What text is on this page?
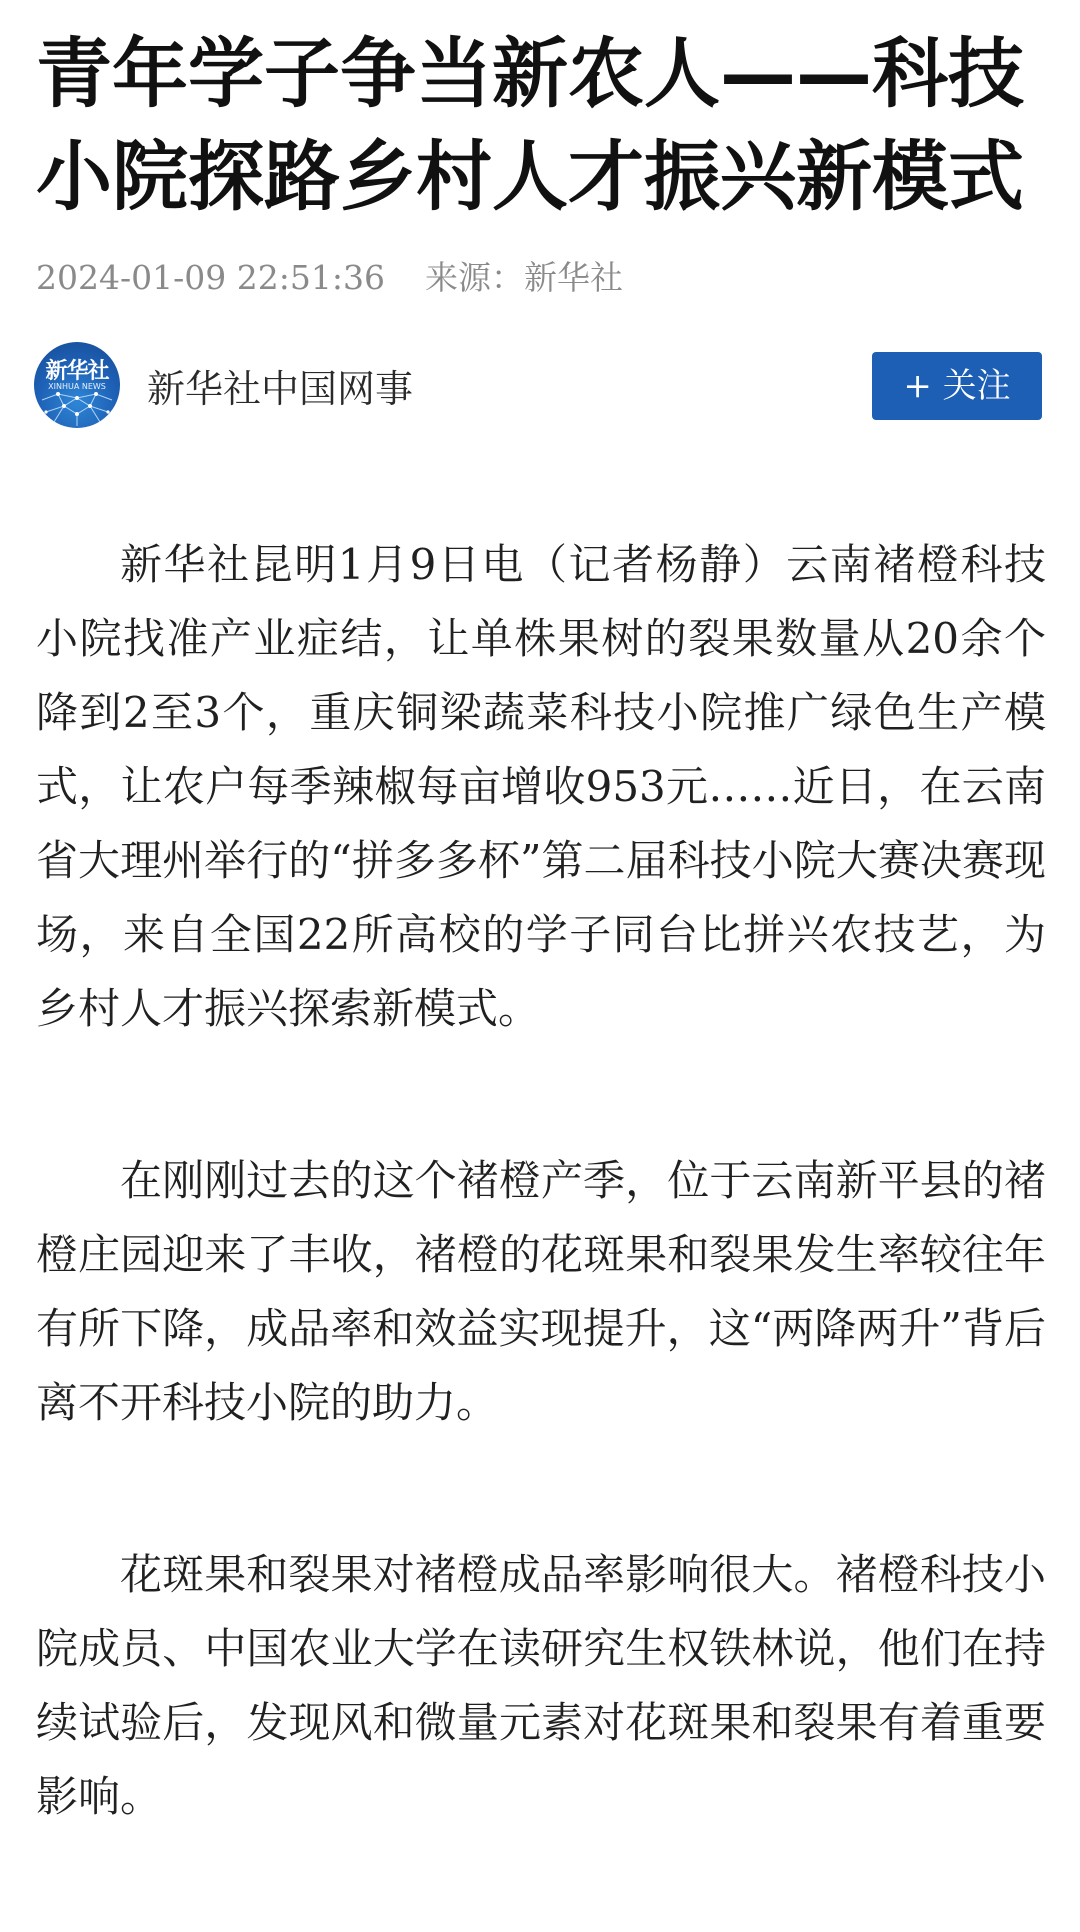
青年学子争当新农人——科技小院探路乡村人才振兴新模式
2024-01-09 22:51:36 来源：新华社
新华社
XINHUA NEWS	新华社中国网事	+ 关注

新华社昆明1月9日电（记者杨静）云南褚橙科技小院找准产业症结，让单株果树的裂果数量从20余个降到2至3个，重庆铜梁蔬菜科技小院推广绿色生产模式，让农户每季辣椒每亩增收953元……近日，在云南省大理州举行的“拼多多杯”第二届科技小院大赛决赛现场，来自全国22所高校的学子同台比拼兴农技艺，为乡村人才振兴探索新模式。

在刚刚过去的这个褚橙产季，位于云南新平县的褚橙庄园迎来了丰收，褚橙的花斑果和裂果发生率较往年有所下降，成品率和效益实现提升，这“两降两升”背后离不开科技小院的助力。

花斑果和裂果对褚橙成品率影响很大。褚橙科技小院成员、中国农业大学在读研究生权铁林说，他们在持续试验后，发现风和微量元素对花斑果和裂果有着重要影响。
